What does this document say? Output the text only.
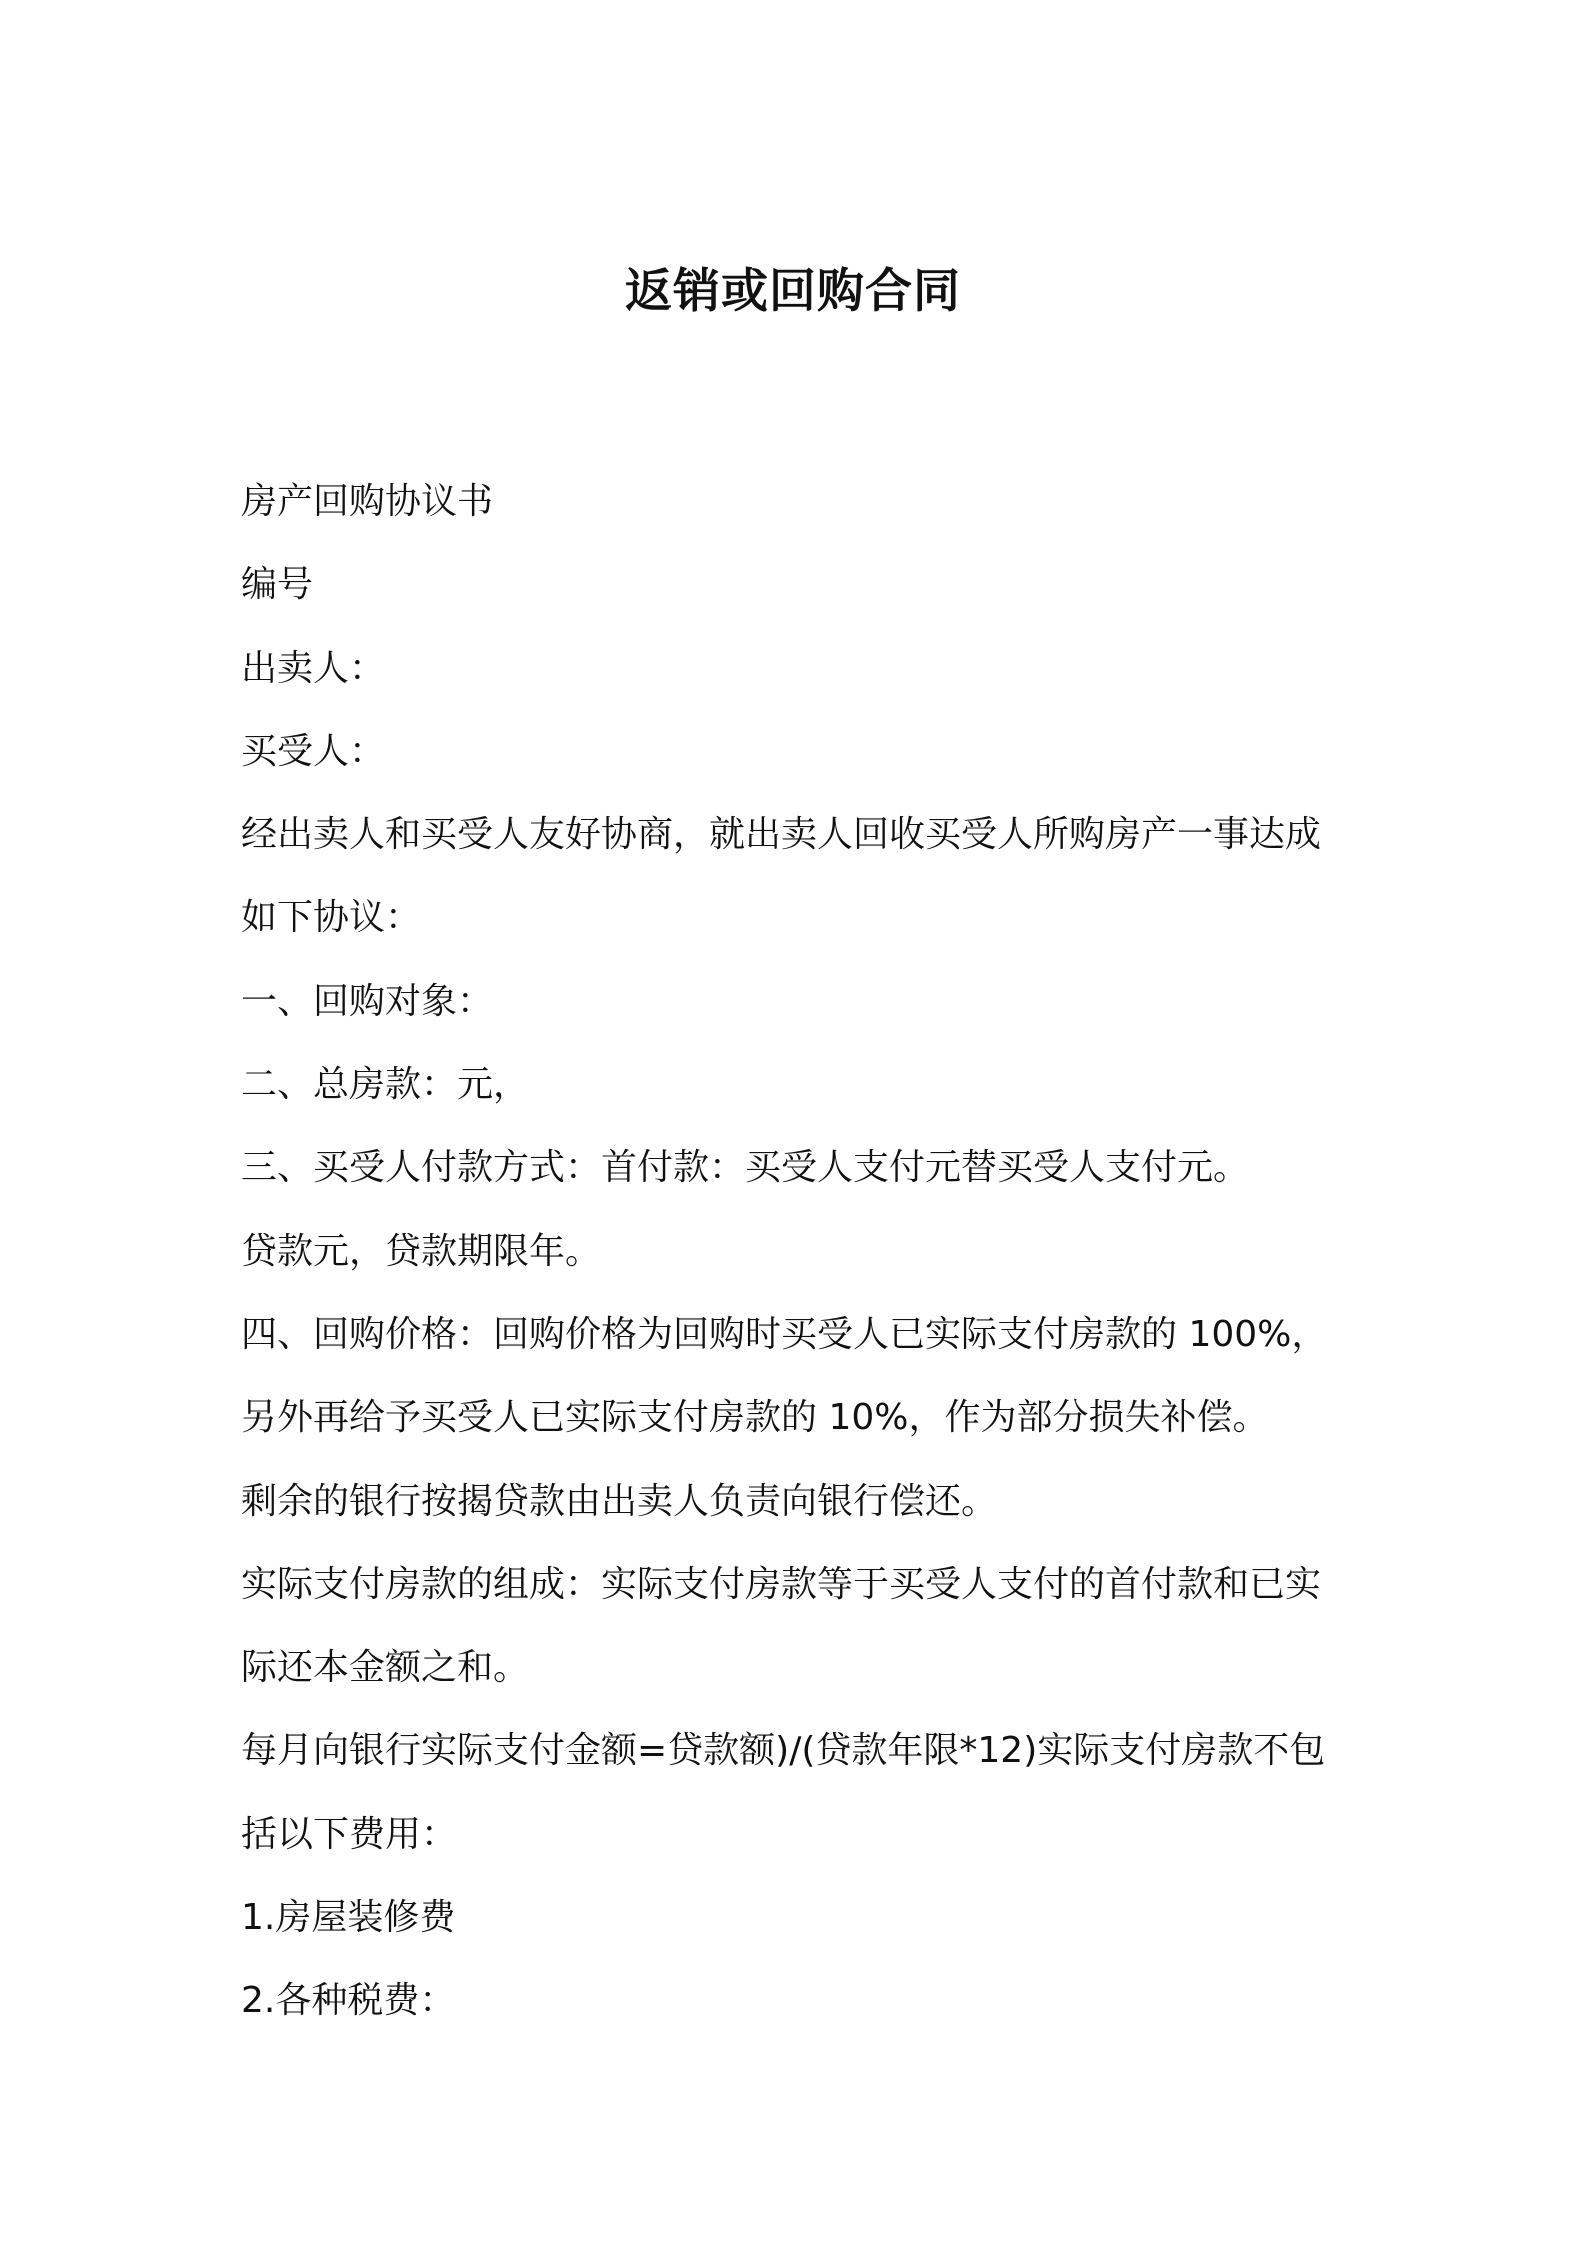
返销或回购合同
房产回购协议书
编号
出卖人：
买受人：
经出卖人和买受人友好协商，就出卖人回收买受人所购房产一事达成
如下协议：
一、回购对象：
二、总房款：元，
三、买受人付款方式：首付款：买受人支付元替买受人支付元。
贷款元，贷款期限年。
四、回购价格：回购价格为回购时买受人已实际支付房款的 100%，
另外再给予买受人已实际支付房款的 10%，作为部分损失补偿。
剩余的银行按揭贷款由出卖人负责向银行偿还。
实际支付房款的组成：实际支付房款等于买受人支付的首付款和已实
际还本金额之和。
每月向银行实际支付金额=贷款额)/(贷款年限*12)实际支付房款不包
括以下费用：
1.房屋装修费
2.各种税费：
